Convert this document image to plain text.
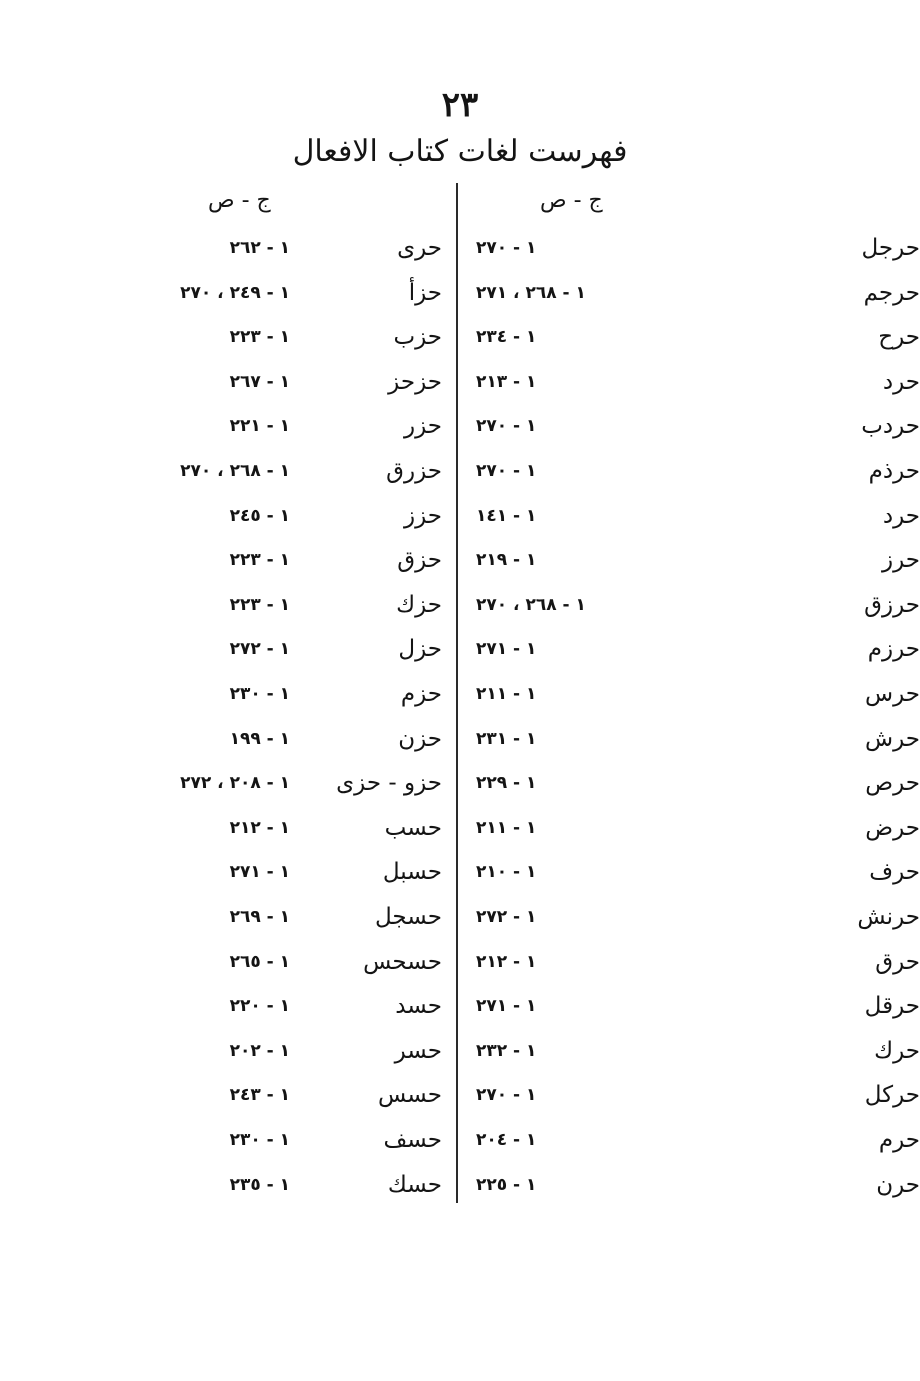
٢٣
فهرست لغات كتاب الافعال
ج - ص
ج - ص
حرجل
١ - ٢٧٠
حرجم
١ - ٢٦٨ ، ٢٧١
حرح
١ - ٢٣٤
حرد
١ - ٢١٣
حردب
١ - ٢٧٠
حرذم
١ - ٢٧٠
حرد
١ - ١٤١
حرز
١ - ٢١٩
حرزق
١ - ٢٦٨ ، ٢٧٠
حرزم
١ - ٢٧١
حرس
١ - ٢١١
حرش
١ - ٢٣١
حرص
١ - ٢٢٩
حرض
١ - ٢١١
حرف
١ - ٢١٠
حرنش
١ - ٢٧٢
حرق
١ - ٢١٢
حرقل
١ - ٢٧١
حرك
١ - ٢٣٢
حركل
١ - ٢٧٠
حرم
١ - ٢٠٤
حرن
١ - ٢٢٥
حرى
١ - ٢٦٢
حزأ
١ - ٢٤٩ ، ٢٧٠
حزب
١ - ٢٢٣
حزحز
١ - ٢٦٧
حزر
١ - ٢٢١
حزرق
١ - ٢٦٨ ، ٢٧٠
حزز
١ - ٢٤٥
حزق
١ - ٢٢٣
حزك
١ - ٢٢٣
حزل
١ - ٢٧٢
حزم
١ - ٢٣٠
حزن
١ - ١٩٩
حزو - حزى
١ - ٢٠٨ ، ٢٧٢
حسب
١ - ٢١٢
حسبل
١ - ٢٧١
حسجل
١ - ٢٦٩
حسحس
١ - ٢٦٥
حسد
١ - ٢٢٠
حسر
١ - ٢٠٢
حسس
١ - ٢٤٣
حسف
١ - ٢٣٠
حسك
١ - ٢٣٥
